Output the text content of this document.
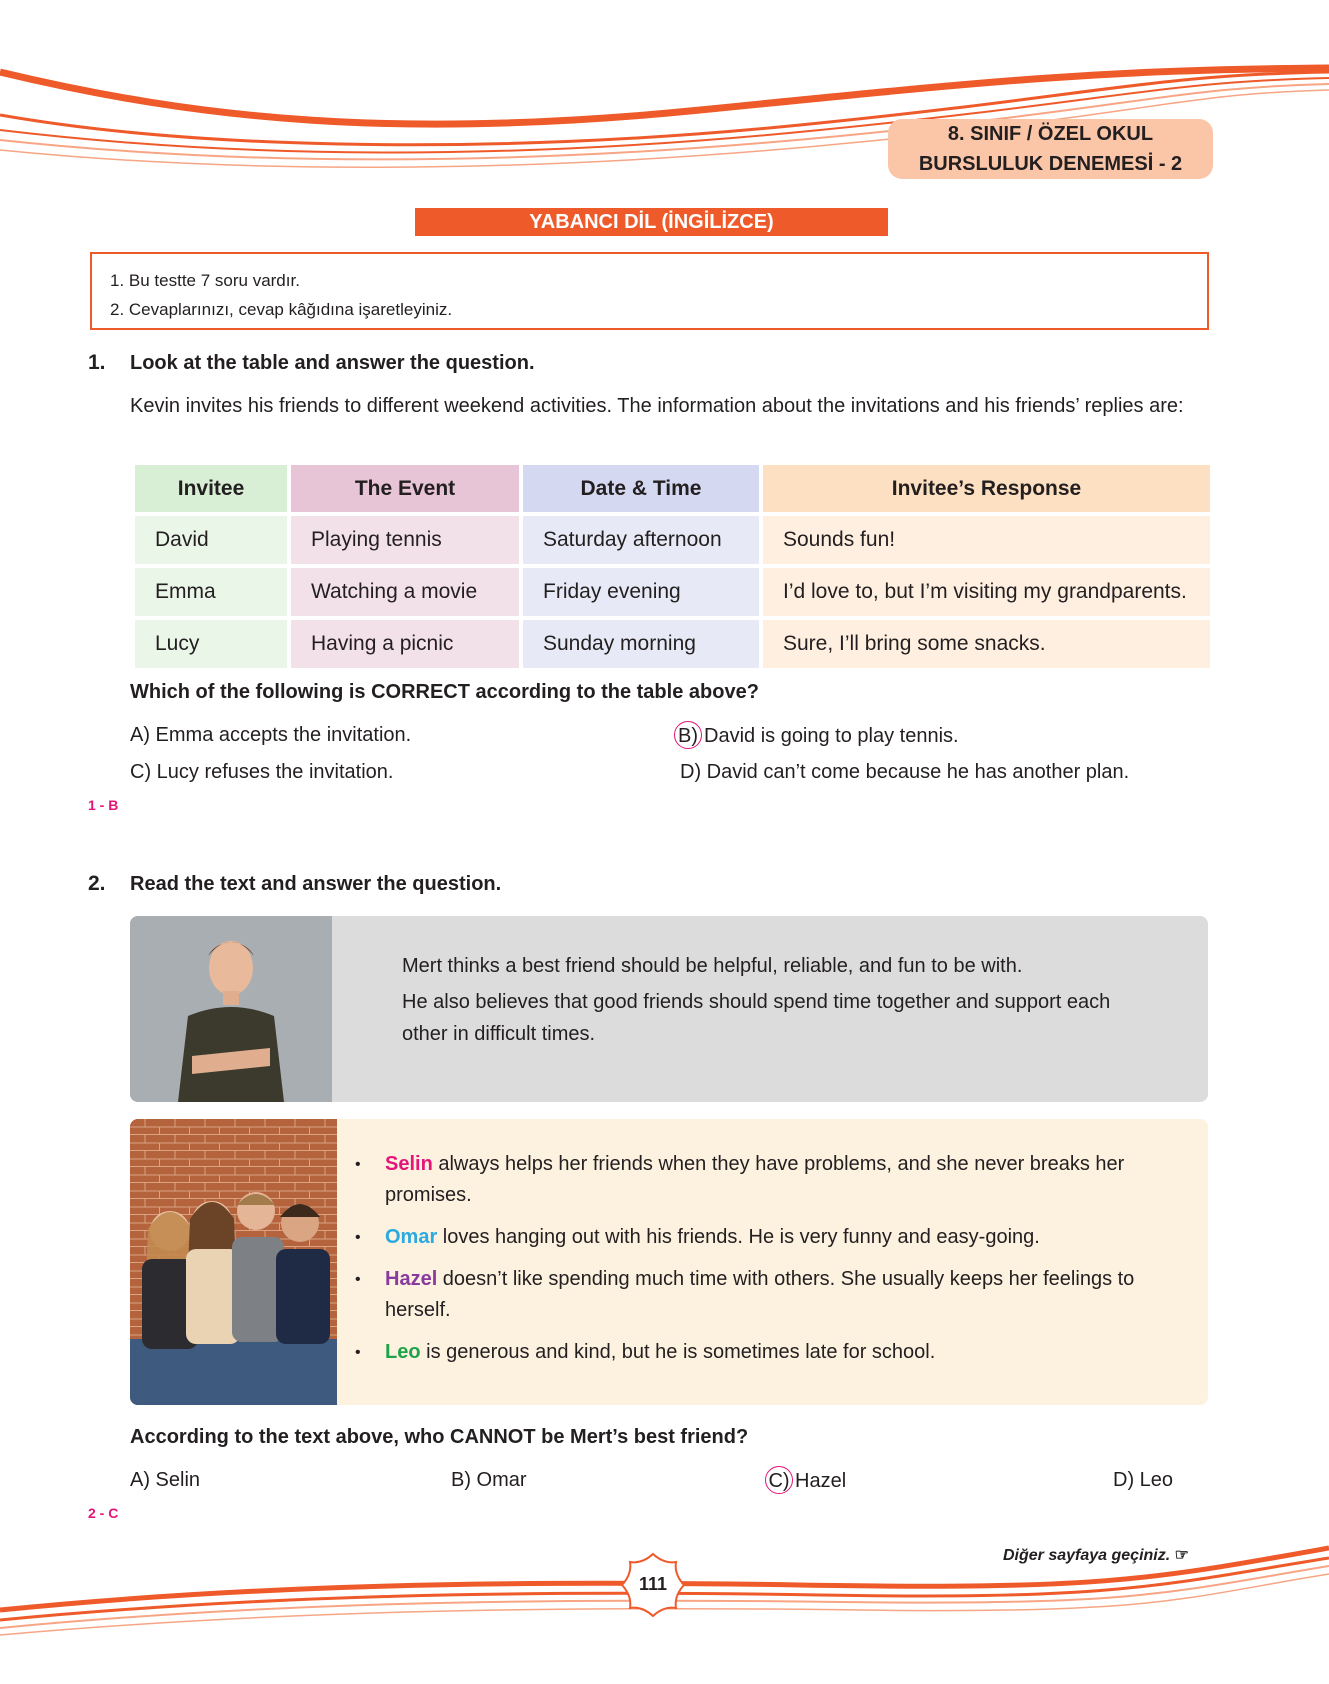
8. SINIF / ÖZEL OKUL
BURSLULUK DENEMESİ - 2
YABANCI DİL (İNGİLİZCE)
1. Bu testte 7 soru vardır.
2. Cevaplarınızı, cevap kâğıdına işaretleyiniz.
1. Look at the table and answer the question.
Kevin invites his friends to different weekend activities. The information about the invitations and his friends’ replies are:
Invitee	The Event	Date & Time	Invitee’s Response
David	Playing tennis	Saturday afternoon	Sounds fun!
Emma	Watching a movie	Friday evening	I’d love to, but I’m visiting my grandparents.
Lucy	Having a picnic	Sunday morning	Sure, I’ll bring some snacks.
Which of the following is CORRECT according to the table above?
A) Emma accepts the invitation.	B) David is going to play tennis.
C) Lucy refuses the invitation.	D) David can’t come because he has another plan.
1 - B
2. Read the text and answer the question.
Mert thinks a best friend should be helpful, reliable, and fun to be with.
He also believes that good friends should spend time together and support each other in difficult times.
• Selin always helps her friends when they have problems, and she never breaks her promises.
• Omar loves hanging out with his friends. He is very funny and easy-going.
• Hazel doesn’t like spending much time with others. She usually keeps her feelings to herself.
• Leo is generous and kind, but he is sometimes late for school.
According to the text above, who CANNOT be Mert’s best friend?
A) Selin	B) Omar	C) Hazel	D) Leo
2 - C
Diğer sayfaya geçiniz. ☞
111
